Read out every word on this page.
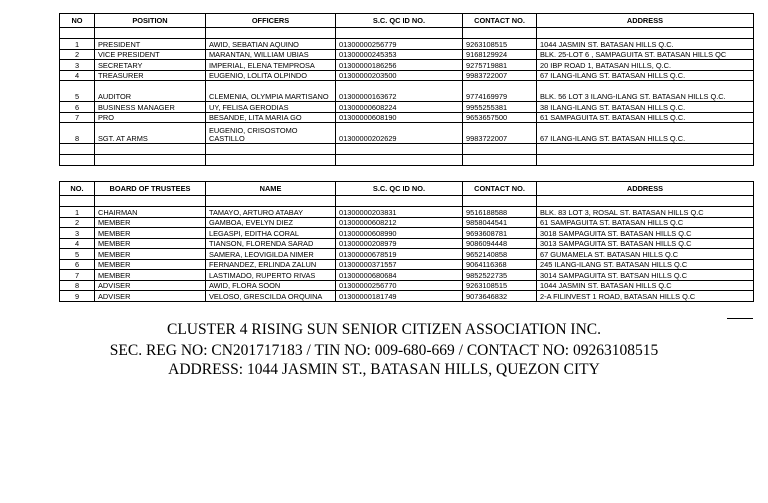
NO	POSITION	OFFICERS	S.C. QC ID NO.	CONTACT NO.	ADDRESS

1	PRESIDENT	AWID, SEBATIAN AQUINO	01300000256779	9263108515	1044 JASMIN ST. BATASAN HILLS Q.C.
2	VICE PRESIDENT	MARANTAN, WILLIAM UBIAS	01300000245353	9168129924	BLK. 25-LOT 6 , SAMPAGUITA ST. BATASAN HILLS QC
3	SECRETARY	IMPERIAL, ELENA TEMPROSA	01300000186256	9275719881	20 IBP ROAD 1, BATASAN HILLS, Q.C.
4	TREASURER	EUGENIO, LOLITA OLPINDO	01300000203500	9983722007	67 ILANG-ILANG ST. BATASAN HILLS Q.C.
5	AUDITOR	CLEMENIA, OLYMPIA MARTISANO	01300000163672	9774169979	BLK. 56 LOT 3 ILANG-ILANG ST. BATASAN HILLS Q.C.
6	BUSINESS MANAGER	UY, FELISA GERODIAS	01300000608224	9955255381	38 ILANG-ILANG ST. BATASAN HILLS Q.C.
7	PRO	BESANDE, LITA MARIA GO	01300000608190	9653657500	61 SAMPAGUITA ST. BATASAN HILLS Q.C.
8	SGT. AT ARMS	EUGENIO, CRISOSTOMO CASTILLO	01300000202629	9983722007	67 ILANG-ILANG ST. BATASAN HILLS Q.C.

NO.	BOARD OF TRUSTEES	NAME	S.C. QC ID NO.	CONTACT NO.	ADDRESS

1	CHAIRMAN	TAMAYO, ARTURO ATABAY	01300000203831	9516188588	BLK. 83 LOT 3, ROSAL ST. BATASAN HILLS Q.C
2	MEMBER	GAMBOA, EVELYN DIEZ	01300000608212	9858044541	61 SAMPAGUITA ST. BATASAN HILLS Q.C
3	MEMBER	LEGASPI, EDITHA CORAL	01300000608990	9693608781	3018 SAMPAGUITA ST. BATASAN HILLS Q.C
4	MEMBER	TIANSON, FLORENDA SARAD	01300000208979	9086094448	3013 SAMPAGUITA ST. BATASAN HILLS Q.C
5	MEMBER	SAMERA, LEOVIGILDA NIMER	01300000678519	9652140858	67 GUMAMELA ST. BATASAN HILLS Q.C
6	MEMBER	FERNANDEZ, ERLINDA ZALUN	01300000371557	9064116368	245 ILANG-ILANG ST. BATASAN HILLS Q.C
7	MEMBER	LASTIMADO, RUPERTO RIVAS	01300000680684	9852522735	3014 SAMPAGUITA ST. BATSAN HILLS Q.C
8	ADVISER	AWID, FLORA SOON	01300000256770	9263108515	1044 JASMIN ST. BATASAN HILLS Q.C
9	ADVISER	VELOSO, GRESCILDA ORQUINA	01300000181749	9073646832	2-A FILINVEST 1 ROAD, BATASAN HILLS Q.C
CLUSTER 4 RISING SUN SENIOR CITIZEN ASSOCIATION INC.
SEC. REG NO: CN201717183 / TIN NO: 009-680-669 / CONTACT NO: 09263108515
ADDRESS: 1044 JASMIN ST., BATASAN HILLS, QUEZON CITY
